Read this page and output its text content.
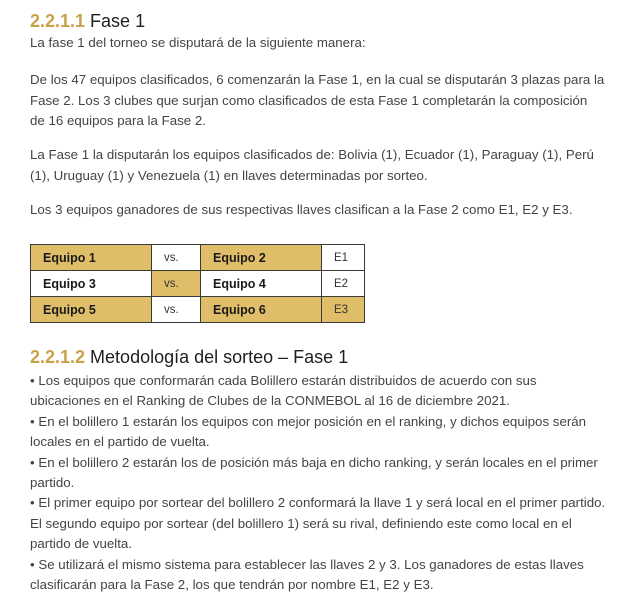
2.2.1.1 Fase 1
La fase 1 del torneo se disputará de la siguiente manera:
De los 47 equipos clasificados, 6 comenzarán la Fase 1, en la cual se disputarán 3 plazas para la Fase 2. Los 3 clubes que surjan como clasificados de esta Fase 1 completarán la composición de 16 equipos para la Fase 2.
La Fase 1 la disputarán los equipos clasificados de: Bolivia (1), Ecuador (1), Paraguay (1), Perú (1), Uruguay (1) y Venezuela (1) en llaves determinadas por sorteo.
Los 3 equipos ganadores de sus respectivas llaves clasifican a la Fase 2 como E1, E2 y E3.
Equipo 1	vs.	Equipo 2	E1
Equipo 3	vs.	Equipo 4	E2
Equipo 5	vs.	Equipo 6	E3
2.2.1.2 Metodología del sorteo – Fase 1

• Los equipos que conformarán cada Bolillero estarán distribuidos de acuerdo con sus ubicaciones en el Ranking de Clubes de la CONMEBOL al 16 de diciembre 2021.

• En el bolillero 1 estarán los equipos con mejor posición en el ranking, y dichos equipos serán locales en el partido de vuelta.

• En el bolillero 2 estarán los de posición más baja en dicho ranking, y serán locales en el primer partido.

• El primer equipo por sortear del bolillero 2 conformará la llave 1 y será local en el primer partido. El segundo equipo por sortear (del bolillero 1) será su rival, definiendo este como local en el partido de vuelta.

• Se utilizará el mismo sistema para establecer las llaves 2 y 3. Los ganadores de estas llaves clasificarán para la Fase 2, los que tendrán por nombre E1, E2 y E3.
